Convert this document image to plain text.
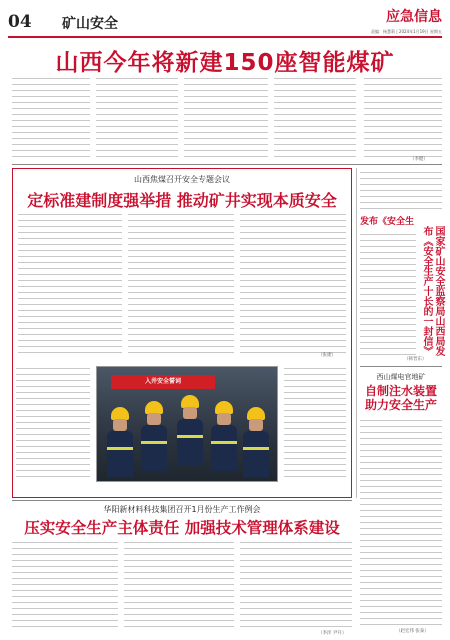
04 矿山安全	应急信息
责编：杨慧莉 | 2024年1月19日 星期五
山西今年将新建150座智能煤矿
（李健）
山西焦煤召开安全专题会议
定标准建制度强举措 推动矿井实现本质安全
（张捷）
入井安全誓词
发布《安全生
国家矿山安全监察局山西局发布《安全生产十长的一封信》
（韩晋东）
西山煤电官地矿
自制注水装置助力安全生产
（赵宏伟 张泰）
华阳新材料科技集团召开1月份生产工作例会
压实安全生产主体责任 加强技术管理体系建设
（李洋 尹升）
